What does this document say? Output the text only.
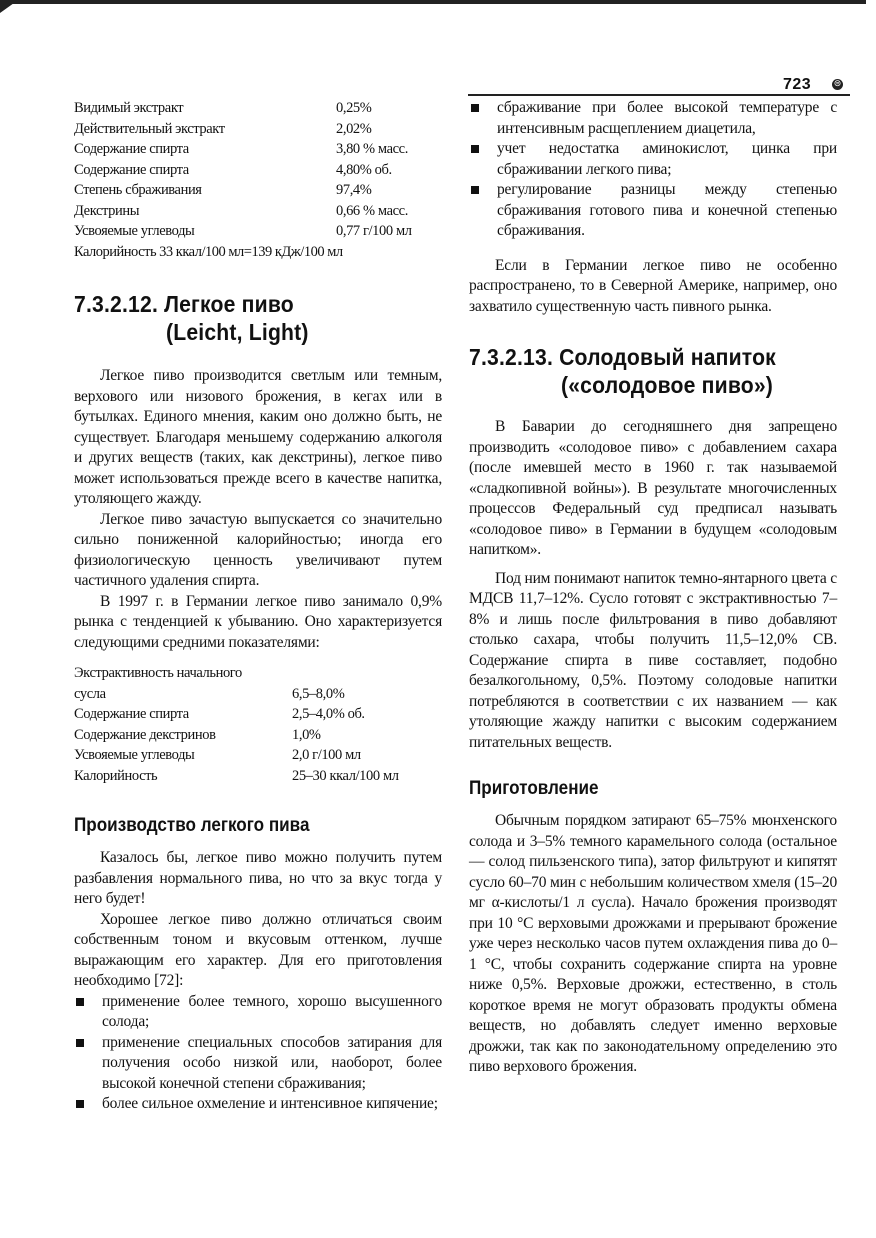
723	⊜
Видимый экстракт	0,25%
Действительный экстракт	2,02%
Содержание спирта	3,80 % масс.
Содержание спирта	4,80% об.
Степень сбраживания	97,4%
Декстрины	0,66 % масс.
Усвояемые углеводы	0,77 г/100 мл
Калорийность 33 ккал/100 мл=139 кДж/100 мл
7.3.2.12. Легкое пиво
(Leicht, Light)

Легкое пиво производится светлым или темным, верхового или низового брожения, в кегах или в бутылках. Единого мнения, каким оно должно быть, не существует. Благодаря меньшему содержанию алкоголя и других веществ (таких, как декстрины), легкое пиво может использоваться прежде всего в качестве напитка, утоляющего жажду.

Легкое пиво зачастую выпускается со значительно сильно пониженной калорийностью; иногда его физиологическую ценность увеличивают путем частичного удаления спирта.

В 1997 г. в Германии легкое пиво занимало 0,9% рынка с тенденцией к убыванию. Оно характеризуется следующими средними показателями:

Экстрактивность начального
сусла	6,5–8,0%
Содержание спирта	2,5–4,0% об.
Содержание декстринов	1,0%
Усвояемые углеводы	2,0 г/100 мл
Калорийность	25–30 ккал/100 мл
Производство легкого пива

Казалось бы, легкое пиво можно получить путем разбавления нормального пива, но что за вкус тогда у него будет!

Хорошее легкое пиво должно отличаться своим собственным тоном и вкусовым оттенком, лучше выражающим его характер. Для его приготовления необходимо [72]:

применение более темного, хорошо высушенного солода;
применение специальных способов затирания для получения особо низкой или, наоборот, более высокой конечной степени сбраживания;
более сильное охмеление и интенсивное кипячение;
сбраживание при более высокой температуре с интенсивным расщеплением диацетила,
учет недостатка аминокислот, цинка при сбраживании легкого пива;
регулирование разницы между степенью сбраживания готового пива и конечной степенью сбраживания.

Если в Германии легкое пиво не особенно распространено, то в Северной Америке, например, оно захватило существенную часть пивного рынка.

7.3.2.13. Солодовый напиток
(«солодовое пиво»)

В Баварии до сегодняшнего дня запрещено производить «солодовое пиво» с добавлением сахара (после имевшей место в 1960 г. так называемой «сладкопивной войны»). В результате многочисленных процессов Федеральный суд предписал называть «солодовое пиво» в Германии в будущем «солодовым напитком».

Под ним понимают напиток темно-янтарного цвета с МДСВ 11,7–12%. Сусло готовят с экстрактивностью 7–8% и лишь после фильтрования в пиво добавляют столько сахара, чтобы получить 11,5–12,0% СВ. Содержание спирта в пиве составляет, подобно безалкогольному, 0,5%. Поэтому солодовые напитки потребляются в соответствии с их названием — как утоляющие жажду напитки с высоким содержанием питательных веществ.

Приготовление

Обычным порядком затирают 65–75% мюнхенского солода и 3–5% темного карамельного солода (остальное — солод пильзенского типа), затор фильтруют и кипятят сусло 60–70 мин с небольшим количеством хмеля (15–20 мг α-кислоты/1 л сусла). Начало брожения производят при 10 °С верховыми дрожжами и прерывают брожение уже через несколько часов путем охлаждения пива до 0–1 °С, чтобы сохранить содержание спирта на уровне ниже 0,5%. Верховые дрожжи, естественно, в столь короткое время не могут образовать продукты обмена веществ, но добавлять следует именно верховые дрожжи, так как по законодательному определению это пиво верхового брожения.
